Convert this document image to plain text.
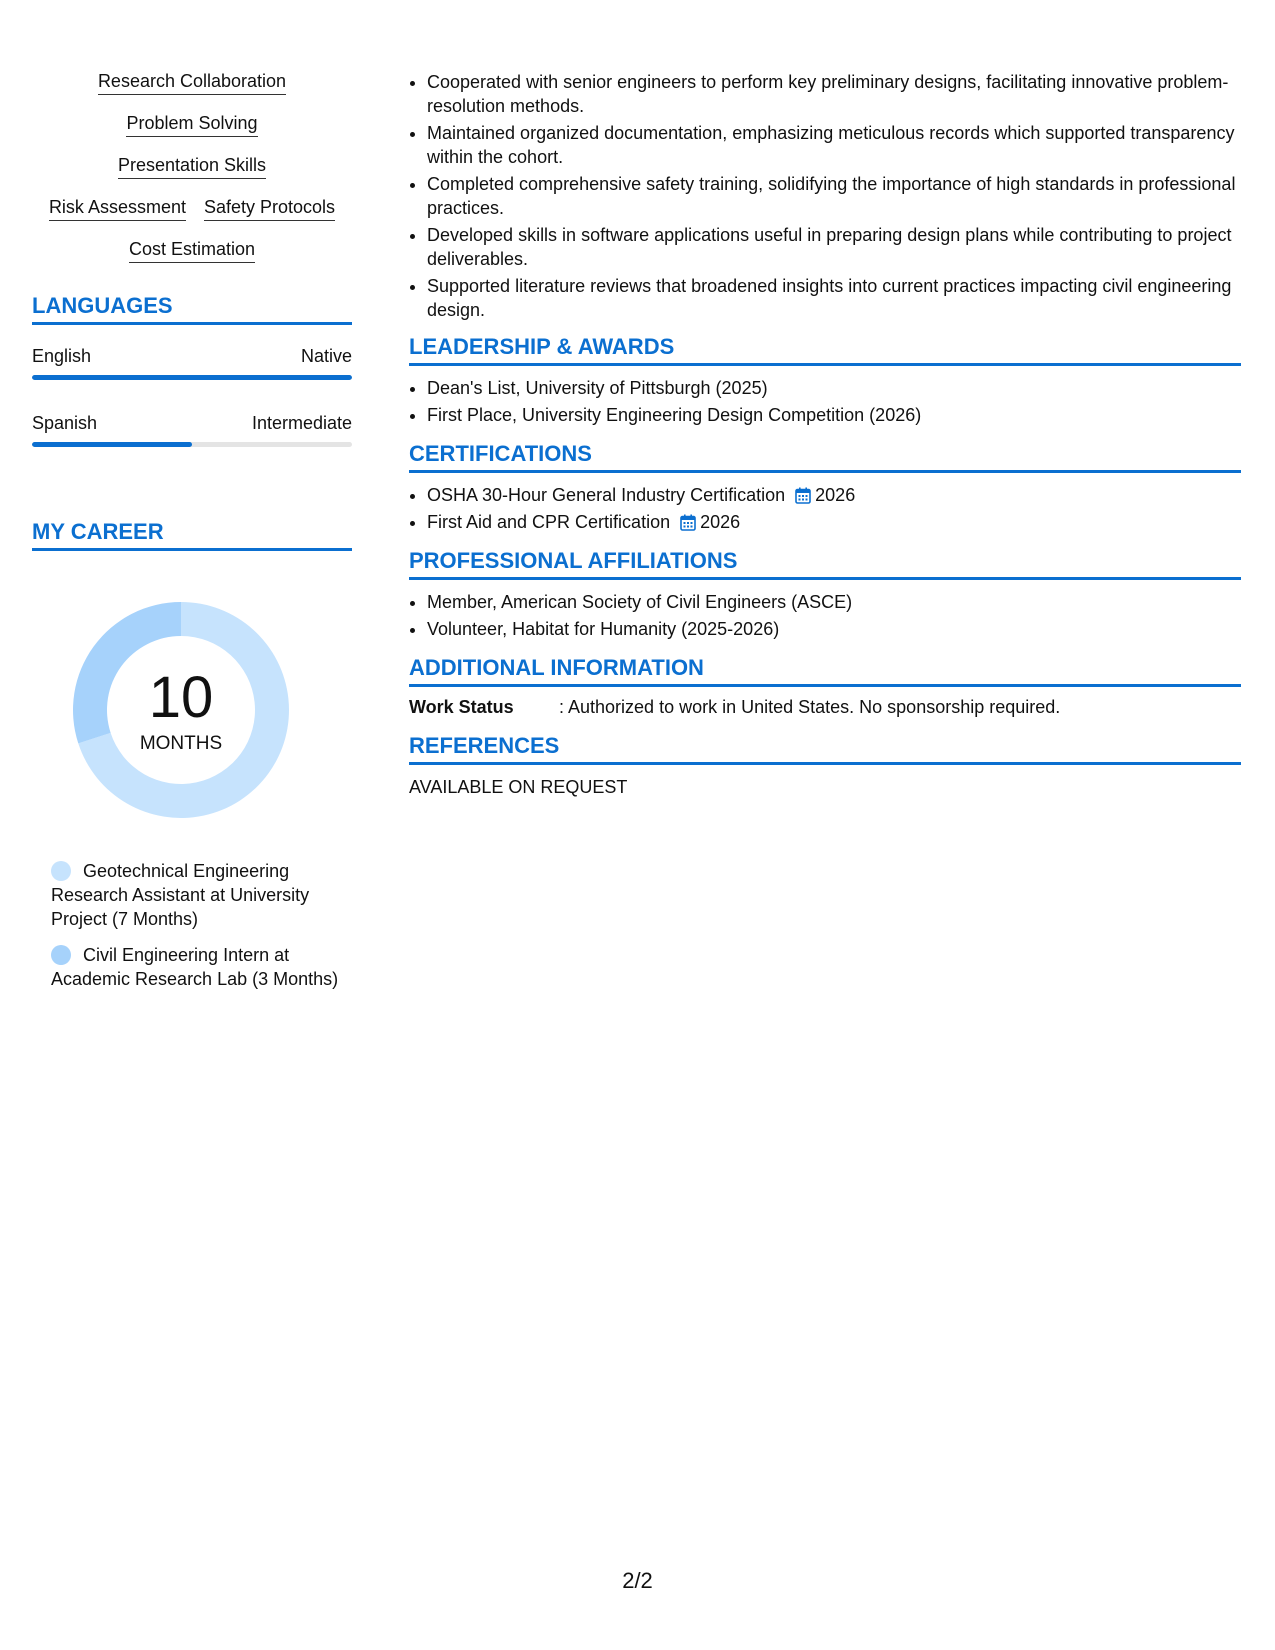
Research Collaboration
Problem Solving
Presentation Skills
Risk Assessment Safety Protocols
Cost Estimation
LANGUAGES
English	Native
Spanish	Intermediate
MY CAREER
10
MONTHS
Geotechnical Engineering Research Assistant at University Project (7 Months)
Civil Engineering Intern at Academic Research Lab (3 Months)
• Cooperated with senior engineers to perform key preliminary designs, facilitating innovative problem-resolution methods.
• Maintained organized documentation, emphasizing meticulous records which supported transparency within the cohort.
• Completed comprehensive safety training, solidifying the importance of high standards in professional practices.
• Developed skills in software applications useful in preparing design plans while contributing to project deliverables.
• Supported literature reviews that broadened insights into current practices impacting civil engineering design.
LEADERSHIP & AWARDS
• Dean's List, University of Pittsburgh (2025)
• First Place, University Engineering Design Competition (2026)
CERTIFICATIONS
• OSHA 30-Hour General Industry Certification 2026
• First Aid and CPR Certification 2026
PROFESSIONAL AFFILIATIONS
• Member, American Society of Civil Engineers (ASCE)
• Volunteer, Habitat for Humanity (2025-2026)
ADDITIONAL INFORMATION
Work Status	: Authorized to work in United States. No sponsorship required.
REFERENCES
AVAILABLE ON REQUEST
2/2
